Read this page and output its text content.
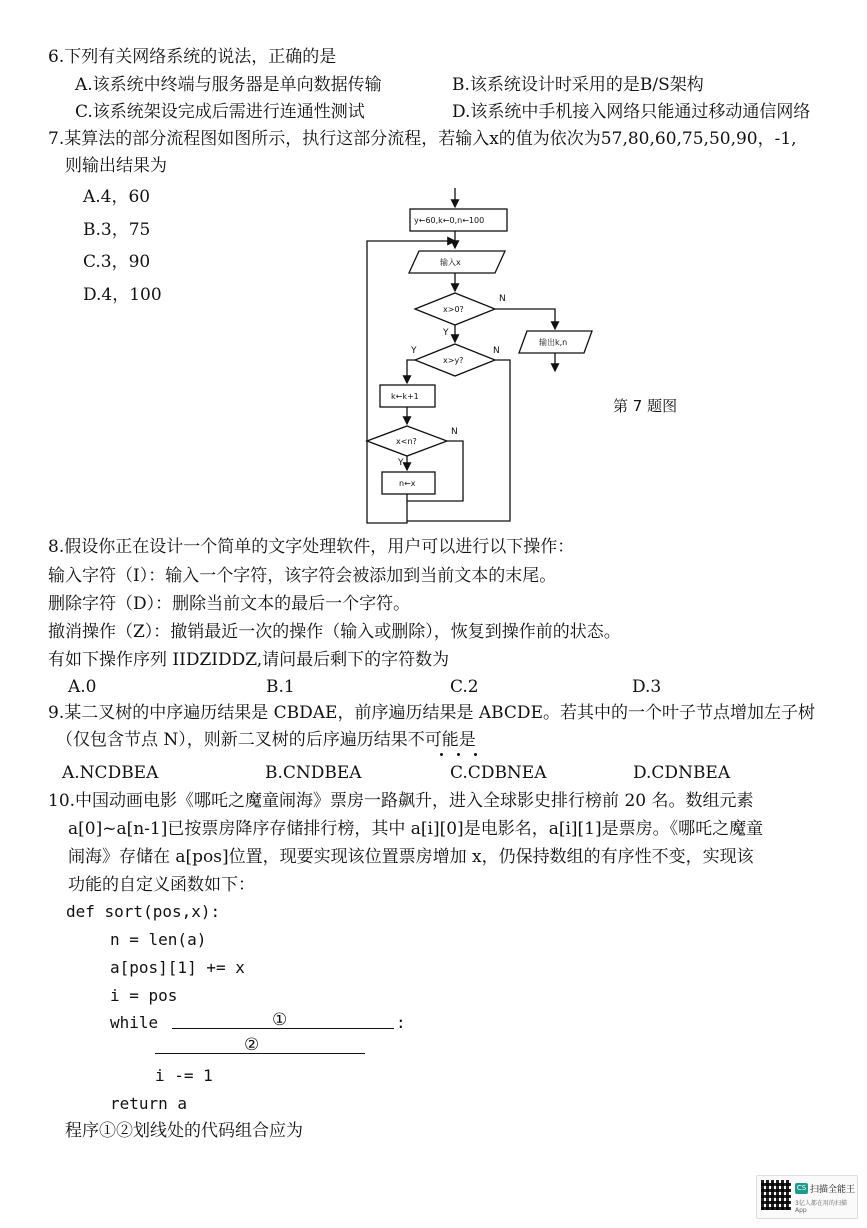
6.下列有关网络系统的说法，正确的是
A.该系统中终端与服务器是单向数据传输	B.该系统设计时采用的是B/S架构
C.该系统架设完成后需进行连通性测试	D.该系统中手机接入网络只能通过移动通信网络
7.某算法的部分流程图如图所示，执行这部分流程，若输入x的值为依次为57,80,60,75,50,90，-1,
则输出结果为
A.4，60
B.3，75
C.3，90
D.4，100
y←60,k←0,n←100
输入x
x>0?
N
Y
输出k,n
x>y?
Y	N
k←k+1
x<n?
N
Y
n←x
第 7 题图
8.假设你正在设计一个简单的文字处理软件，用户可以进行以下操作：
输入字符（I）：输入一个字符，该字符会被添加到当前文本的末尾。
删除字符（D）：删除当前文本的最后一个字符。
撤消操作（Z）：撤销最近一次的操作（输入或删除），恢复到操作前的状态。
有如下操作序列 IIDZIDDZ,请问最后剩下的字符数为
A.0	B.1	C.2	D.3
9.某二叉树的中序遍历结果是 CBDAE，前序遍历结果是 ABCDE。若其中的一个叶子节点增加左子树
（仅包含节点 N），则新二叉树的后序遍历结果不可能是
A.NCDBEA	B.CNDBEA	C.CDBNEA	D.CDNBEA
10.中国动画电影《哪吒之魔童闹海》票房一路飙升，进入全球影史排行榜前 20 名。数组元素
a[0]~a[n-1]已按票房降序存储排行榜，其中 a[i][0]是电影名，a[i][1]是票房。《哪吒之魔童
闹海》存储在 a[pos]位置，现要实现该位置票房增加 x，仍保持数组的有序性不变，实现该
功能的自定义函数如下：
def sort(pos,x):
n = len(a)
a[pos][1] += x
i = pos
while	①	:
②
i -= 1
return a
程序①②划线处的代码组合应为
CS 扫描全能王
3亿人都在用的扫描App
